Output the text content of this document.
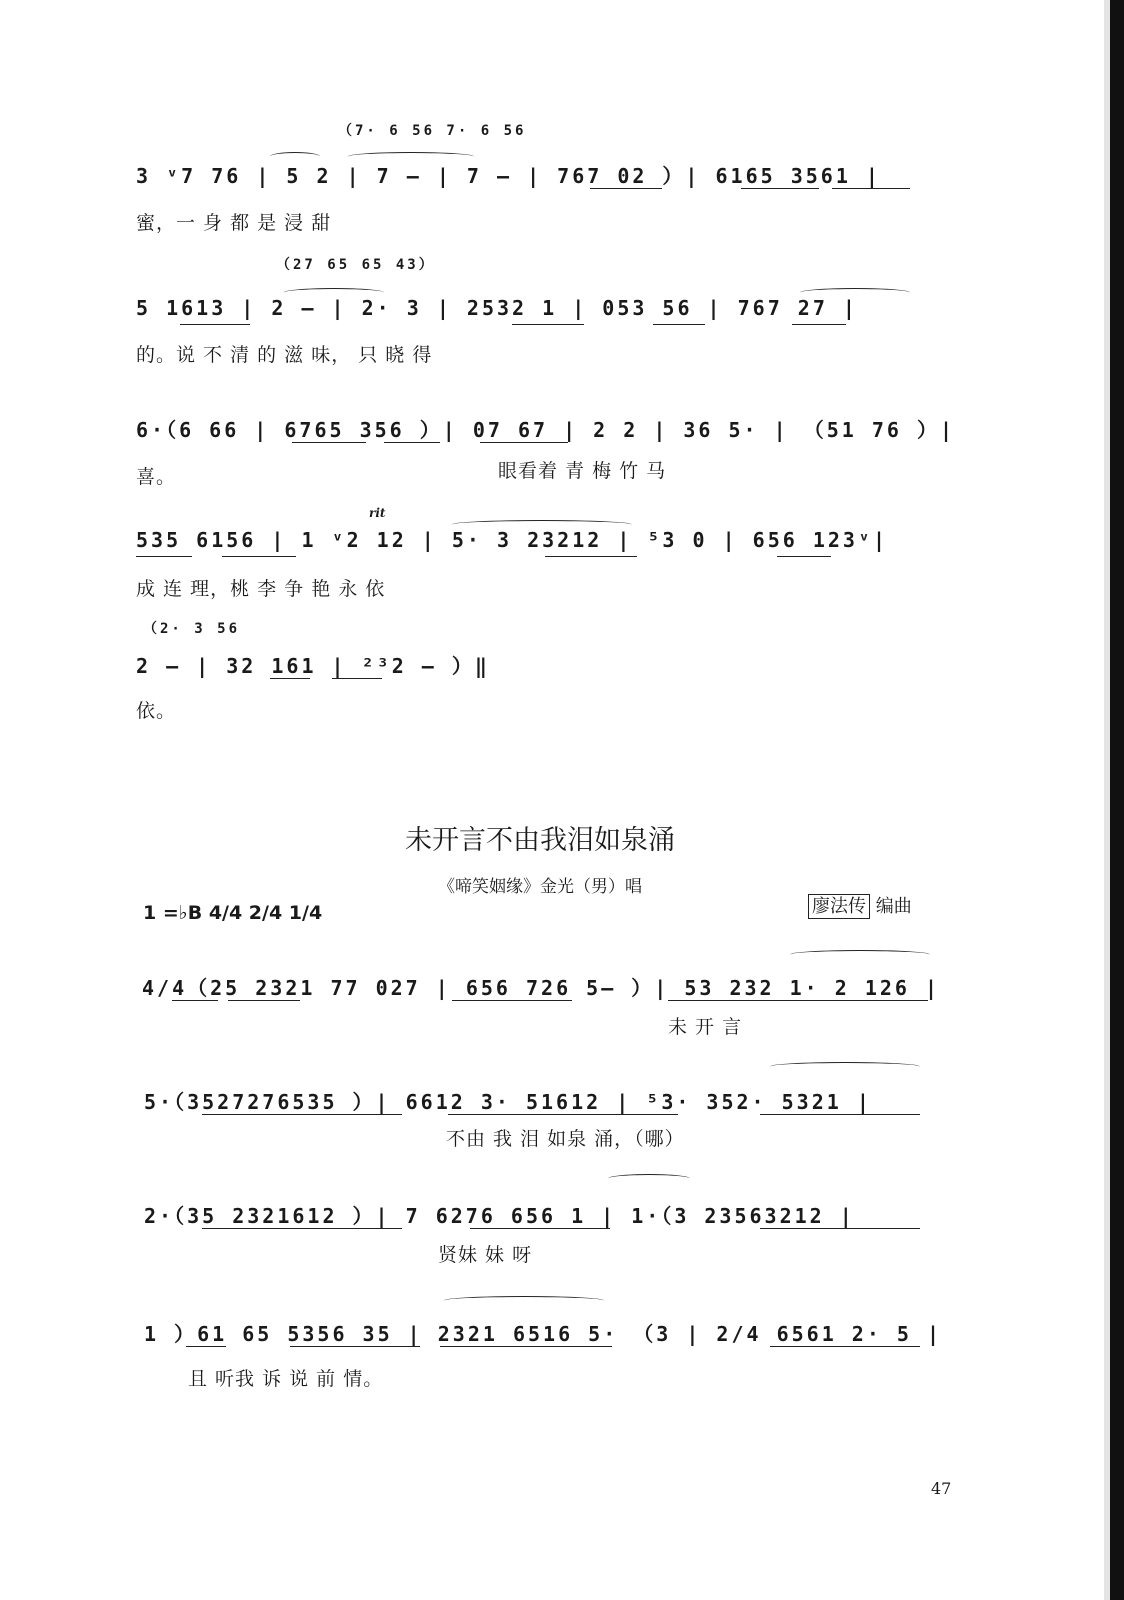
（7· 6 56 7· 6 56
3 ᵛ7 76 | 5 2 | 7 – | 7 – | 767 02 ）| 6165 3561 |
蜜，一 身 都 是 浸 甜
（27 65 65 43）
5 1613 | 2 – | 2· 3 | 2532 1 | 053 56 | 767 27 |
的。说 不 清 的 滋 味， 只 晓 得
6·（6 66 | 6765 356 ）| 07 67 | 2 2 | 36 5· | （51 76 ）|
眼看着 青 梅 竹 马
喜。
rit
535 6156 | 1 ᵛ2 12 | 5· 3 23212 | ⁵3 0 | 656 123ᵛ|
成 连 理，桃 李 争 艳 永 依
（2· 3 56
2 – | 32 161 | ²³2 – ）‖
依。
未开言不由我泪如泉涌
《啼笑姻缘》金光（男）唱
1 =♭B 4/4 2/4 1/4	廖法传 编曲
4/4（25 2321 77 027 | 656 726 5– ）| 53 232 1· 2 126 |
未 开 言
5·（3527276535 ）| 6612 3· 51612 | ⁵3· 352· 5321 |
不由 我 泪 如泉 涌，（哪）
2·（35 2321612 ）| 7 6276 656 1 | 1·（3 23563212 |
贤妹 妹 呀
1 ）61 65 5356 35 | 2321 6516 5· （3 | 2/4 6561 2· 5 |
且 听我 诉 说 前 情。
47
